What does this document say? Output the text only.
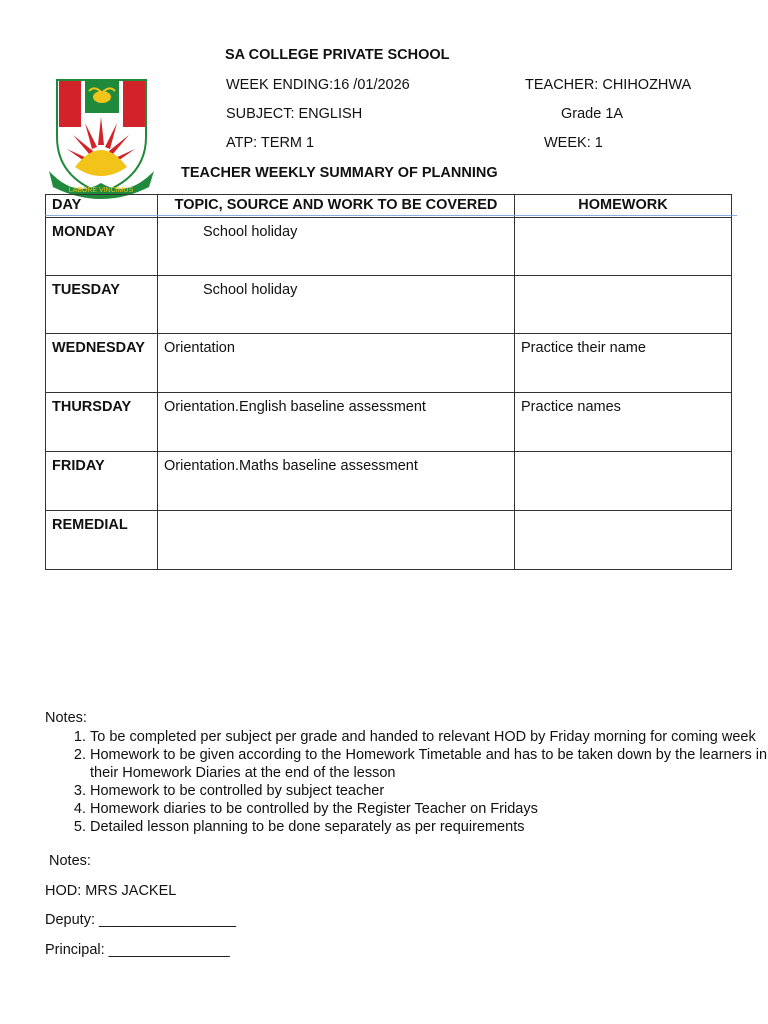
LABORE VINCIMUS
SA COLLEGE PRIVATE SCHOOL
WEEK ENDING:16 /01/2026	TEACHER: CHIHOZHWA
SUBJECT: ENGLISH	Grade 1A
ATP: TERM 1	WEEK: 1
TEACHER WEEKLY SUMMARY OF PLANNING
DAY	TOPIC, SOURCE AND WORK TO BE COVERED	HOMEWORK
MONDAY	School holiday	
TUESDAY	School holiday	
WEDNESDAY	Orientation	Practice their name
THURSDAY	Orientation.English baseline assessment	Practice names
FRIDAY	Orientation.Maths baseline assessment	
REMEDIAL		
Notes:
1. To be completed per subject per grade and handed to relevant HOD by Friday morning for coming week
2. Homework to be given according to the Homework Timetable and has to be taken down by the learners in their Homework Diaries at the end of the lesson
3. Homework to be controlled by subject teacher
4. Homework diaries to be controlled by the Register Teacher on Fridays
5. Detailed lesson planning to be done separately as per requirements
Notes:
HOD: MRS JACKEL
Deputy: _________________
Principal: _______________
